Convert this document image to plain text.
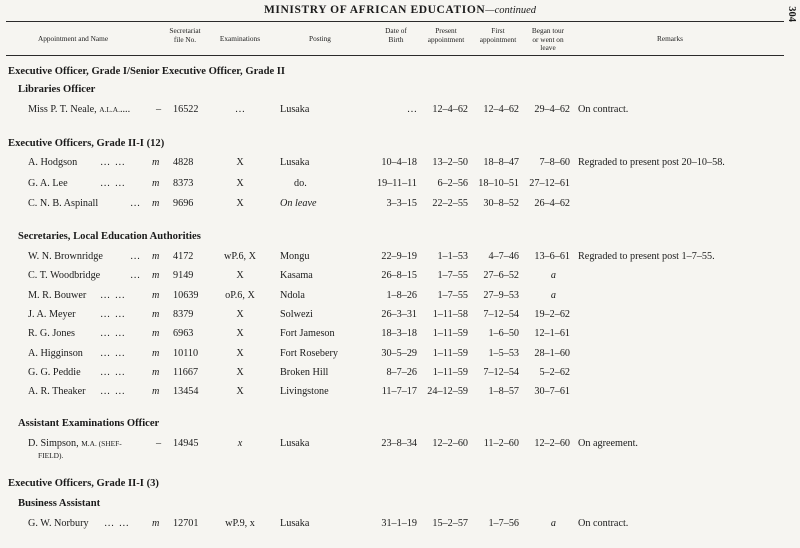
MINISTRY OF AFRICAN EDUCATION—continued	304
Appointment and Name
Secretariat
file No.	Examinations	Posting
Date of
Birth
Present
appointment
First
appointment
Began tour
or went on
leave
Remarks
Executive Officer, Grade I/Senior Executive Officer, Grade II
Libraries Officer
Miss P. T. Neale, A.L.A.....	– 16522	…	Lusaka	…	12–4–62	12–4–62	29–4–62 On contract.
Executive Officers, Grade II-I (12)
A. Hodgson … …	m 4828	X	Lusaka	10–4–18	13–2–50	18–8–47	7–8–60 Regraded to present post 20–10–58.
G. A. Lee	… …	m 8373	X	do.	19–11–11	6–2–56	18–10–51	27–12–61
C. N. B. Aspinall	… m 9696	X	On leave	3–3–15	22–2–55	30–8–52	26–4–62
Secretaries, Local Education Authorities
W. N. Brownridge	… m 4172	wP.6, X Mongu	22–9–19	1–1–53	4–7–46	13–6–61 Regraded to present post 1–7–55.
C. T. Woodbridge	… m 9149	X	Kasama	26–8–15	1–7–55	27–6–52	a
M. R. Bouwer … …	m 10639	oP.6, X	Ndola	1–8–26	1–7–55	27–9–53	a
J. A. Meyer … …	m 8379	X	Solwezi	26–3–31	1–11–58	7–12–54	19–2–62
R. G. Jones … …	m 6963	X	Fort Jameson	18–3–18	1–11–59	1–6–50	12–1–61
A. Higginson … …	m 10110	X	Fort Rosebery	30–5–29	1–11–59	1–5–53	28–1–60
G. G. Peddie … …	m 11667	X	Broken Hill	8–7–26	1–11–59	7–12–54	5–2–62
A. R. Theaker … …	m 13454	X	Livingstone	11–7–17	24–12–59	1–8–57	30–7–61
Assistant Examinations Officer
D. Simpson, M.A. (SHEF-
FIELD).
– 14945	x	Lusaka	23–8–34	12–2–60	11–2–60	12–2–60 On agreement.
Executive Officers, Grade II-I (3)
Business Assistant
G. W. Norbury … … m 12701	wP.9, x	Lusaka	31–1–19	15–2–57	1–7–56	a On contract.
